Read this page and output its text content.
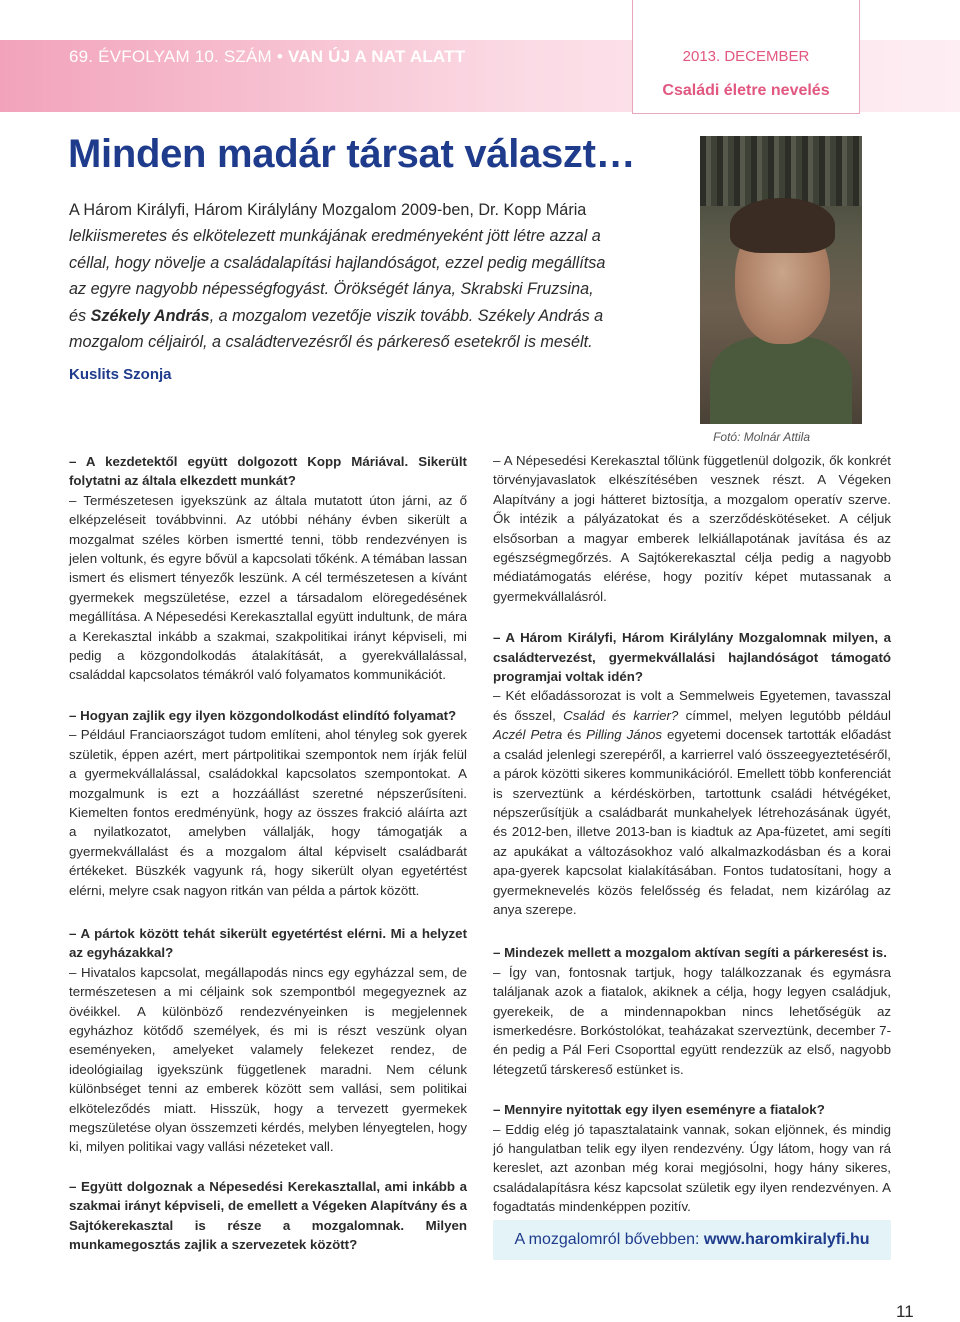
69. ÉVFOLYAM 10. SZÁM • VAN ÚJ A NAT ALATT	2013. DECEMBER
Családi életre nevelés
Minden madár társat választ…
A Három Királyfi, Három Királylány Mozgalom 2009-ben, Dr. Kopp Mária
lelkiismeretes és elkötelezett munkájának eredményeként jött létre azzal a
céllal, hogy növelje a családalapítási hajlandóságot, ezzel pedig megállítsa
az egyre nagyobb népességfogyást. Örökségét lánya, Skrabski Fruzsina,
és Székely András, a mozgalom vezetője viszik tovább. Székely András a
mozgalom céljairól, a családtervezésről és párkereső esetekről is mesélt.
Kuslits Szonja
Fotó: Molnár Attila

– A kezdetektől együtt dolgozott Kopp Máriával. Sikerült folytatni az általa elkezdett munkát?

– Természetesen igyekszünk az általa mutatott úton járni, az ő elképzeléseit továbbvinni. Az utóbbi néhány évben sikerült a mozgalmat széles körben ismertté tenni, több rendezvényen is jelen voltunk, és egyre bővül a kapcsolati tőkénk. A témában lassan ismert és elismert tényezők leszünk. A cél természetesen a kívánt gyermekek megszületése, ezzel a társadalom elöregedésének megállítása. A Népesedési Kerekasztallal együtt indultunk, de mára a Kerekasztal inkább a szakmai, szakpolitikai irányt képviseli, mi pedig a közgondolkodás átalakítását, a gyerekvállalással, családdal kapcsolatos témákról való folyamatos kommunikációt.

– Hogyan zajlik egy ilyen közgondolkodást elindító folyamat?

– Például Franciaországot tudom említeni, ahol tényleg sok gyerek születik, éppen azért, mert pártpolitikai szempontok nem írják felül a gyermekvállalással, családokkal kapcsolatos szempontokat. A mozgalmunk is ezt a hozzáállást szeretné népszerűsíteni. Kiemelten fontos eredményünk, hogy az összes frakció aláírta azt a nyilatkozatot, amelyben vállalják, hogy támogatják a gyermekvállalást és a mozgalom által képviselt családbarát értékeket. Büszkék vagyunk rá, hogy sikerült olyan egyetértést elérni, melyre csak nagyon ritkán van példa a pártok között.

– A pártok között tehát sikerült egyetértést elérni. Mi a helyzet az egyházakkal?

– Hivatalos kapcsolat, megállapodás nincs egy egyházzal sem, de természetesen a mi céljaink sok szempontból megegyeznek az övéikkel. A különböző rendezvényeinken is megjelennek egyházhoz kötődő személyek, és mi is részt veszünk olyan eseményeken, amelyeket valamely felekezet rendez, de ideológiailag igyekszünk függetlenek maradni. Nem célunk különbséget tenni az emberek között sem vallási, sem politikai elköteleződés miatt. Hisszük, hogy a tervezett gyermekek megszületése olyan összemzeti kérdés, melyben lényegtelen, hogy ki, milyen politikai vagy vallási nézeteket vall.

– Együtt dolgoznak a Népesedési Kerekasztallal, ami inkább a szakmai irányt képviseli, de emellett a Végeken Alapítvány és a Sajtókerekasztal is része a mozgalomnak. Milyen munkamegosztás zajlik a szervezetek között?

– A Népesedési Kerekasztal tőlünk függetlenül dolgozik, ők konkrét törvényjavaslatok elkészítésében vesznek részt. A Végeken Alapítvány a jogi hátteret biztosítja, a mozgalom operatív szerve. Ők intézik a pályázatokat és a szerződéskötéseket. A céljuk elsősorban a magyar emberek lelkiállapotának javítása és az egészségmegőrzés. A Sajtókerekasztal célja pedig a nagyobb médiatámogatás elérése, hogy pozitív képet mutassanak a gyermekvállalásról.

– A Három Királyfi, Három Királylány Mozgalomnak milyen, a családtervezést, gyermekvállalási hajlandóságot támogató programjai voltak idén?

– Két előadássorozat is volt a Semmelweis Egyetemen, tavasszal és ősszel, Család és karrier? címmel, melyen legutóbb például Aczél Petra és Pilling János egyetemi docensek tartották előadást a család jelenlegi szerepéről, a karrierrel való összeegyeztetéséről, a párok közötti sikeres kommunikációról. Emellett több konferenciát is szerveztünk a kérdéskörben, tartottunk családi hétvégéket, népszerűsítjük a családbarát munkahelyek létrehozásának ügyét, és 2012-ben, illetve 2013-ban is kiadtuk az Apa-füzetet, ami segíti az apukákat a változásokhoz való alkalmazkodásban és a korai apa-gyerek kapcsolat kialakításában. Fontos tudatosítani, hogy a gyermeknevelés közös felelősség és feladat, nem kizárólag az anya szerepe.

– Mindezek mellett a mozgalom aktívan segíti a párkeresést is.

– Így van, fontosnak tartjuk, hogy találkozzanak és egymásra találjanak azok a fiatalok, akiknek a célja, hogy legyen családjuk, gyerekeik, de a mindennapokban nincs lehetőségük az ismerkedésre. Borkóstolókat, teaházakat szerveztünk, december 7-én pedig a Pál Feri Csoporttal együtt rendezzük az első, nagyobb létegzetű társkereső estünket is.

– Mennyire nyitottak egy ilyen eseményre a fiatalok?

– Eddig elég jó tapasztalataink vannak, sokan eljönnek, és mindig jó hangulatban telik egy ilyen rendezvény. Úgy látom, hogy van rá kereslet, azt azonban még korai megjósolni, hogy hány sikeres, családalapításra kész kapcsolat születik egy ilyen rendezvényen. A fogadtatás mindenképpen pozitív.

A mozgalomról bővebben: www.haromkiralyfi.hu
11
